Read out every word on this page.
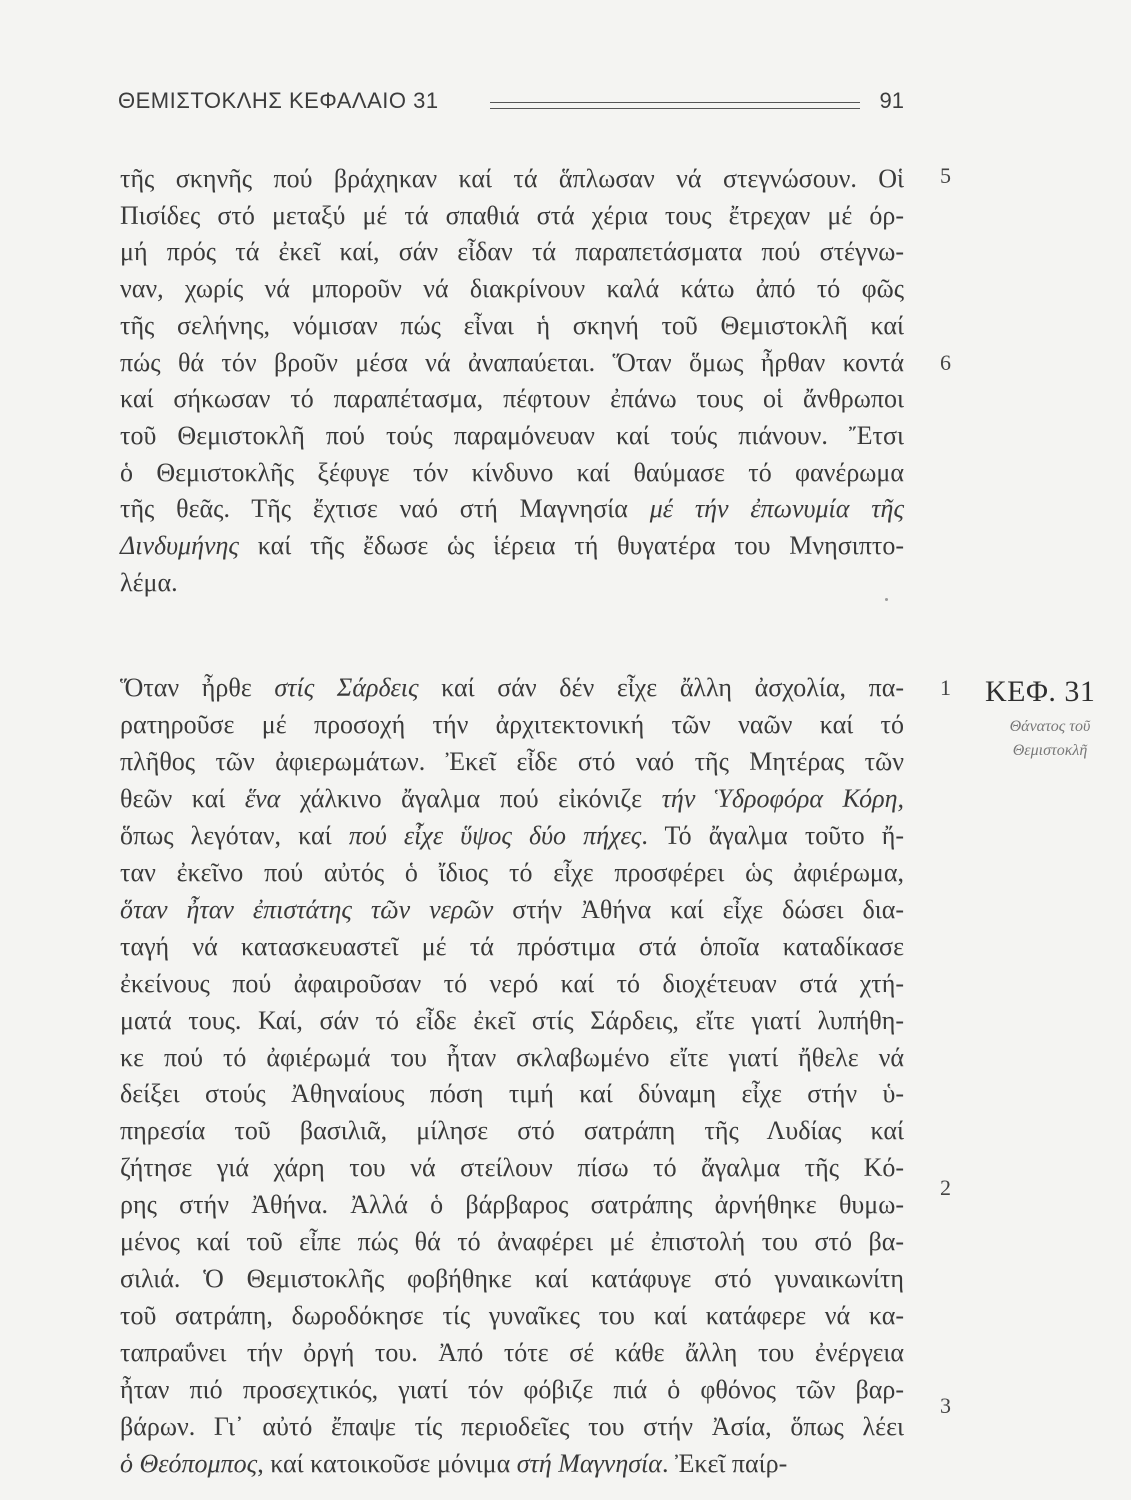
ΘΕΜΙΣΤΟΚΛΗΣ ΚΕΦΑΛΑΙΟ 31	91
τῆς σκηνῆς πού βράχηκαν καί τά ἅπλωσαν νά στεγνώσουν. Οἱ
Πισίδες στό μεταξύ μέ τά σπαθιά στά χέρια τους ἔτρεχαν μέ όρ-
μή πρός τά ἐκεῖ καί, σάν εἶδαν τά παραπετάσματα πού στέγνω-
ναν, χωρίς νά μποροῦν νά διακρίνουν καλά κάτω ἀπό τό φῶς
τῆς σελήνης, νόμισαν πώς εἶναι ἡ σκηνή τοῦ Θεμιστοκλῆ καί
πώς θά τόν βροῦν μέσα νά ἀναπαύεται. Ὅταν ὅμως ἦρθαν κοντά
καί σήκωσαν τό παραπέτασμα, πέφτουν ἐπάνω τους οἱ ἄνθρωποι
τοῦ Θεμιστοκλῆ πού τούς παραμόνευαν καί τούς πιάνουν. Ἔτσι
ὁ Θεμιστοκλῆς ξέφυγε τόν κίνδυνο καί θαύμασε τό φανέρωμα
τῆς θεᾶς. Τῆς ἔχτισε ναό στή Μαγνησία μέ τήν ἐπωνυμία τῆς
Δινδυμήνης καί τῆς ἔδωσε ὡς ἱέρεια τή θυγατέρα του Μνησιπτο-
λέμα.
Ὅταν ἦρθε στίς Σάρδεις καί σάν δέν εἶχε ἄλλη ἀσχολία, πα-
ρατηροῦσε μέ προσοχή τήν ἀρχιτεκτονική τῶν ναῶν καί τό
πλῆθος τῶν ἀφιερωμάτων. Ἐκεῖ εἶδε στό ναό τῆς Μητέρας τῶν
θεῶν καί ἕνα χάλκινο ἄγαλμα πού εἰκόνιζε τήν Ὑδροφόρα Κόρη,
ὅπως λεγόταν, καί πού εἶχε ὕψος δύο πήχες. Τό ἄγαλμα τοῦτο ἤ-
ταν ἐκεῖνο πού αὐτός ὁ ἴδιος τό εἶχε προσφέρει ὡς ἀφιέρωμα,
ὅταν ἦταν ἐπιστάτης τῶν νερῶν στήν Ἀθήνα καί εἶχε δώσει δια-
ταγή νά κατασκευαστεῖ μέ τά πρόστιμα στά ὁποῖα καταδίκασε
ἐκείνους πού ἀφαιροῦσαν τό νερό καί τό διοχέτευαν στά χτή-
ματά τους. Καί, σάν τό εἶδε ἐκεῖ στίς Σάρδεις, εἴτε γιατί λυπήθη-
κε πού τό ἀφιέρωμά του ἦταν σκλαβωμένο εἴτε γιατί ἤθελε νά
δείξει στούς Ἀθηναίους πόση τιμή καί δύναμη εἶχε στήν ὑ-
πηρεσία τοῦ βασιλιᾶ, μίλησε στό σατράπη τῆς Λυδίας καί
ζήτησε γιά χάρη του νά στείλουν πίσω τό ἄγαλμα τῆς Κό-
ρης στήν Ἀθήνα. Ἀλλά ὁ βάρβαρος σατράπης ἀρνήθηκε θυμω-
μένος καί τοῦ εἶπε πώς θά τό ἀναφέρει μέ ἐπιστολή του στό βα-
σιλιά. Ὁ Θεμιστοκλῆς φοβήθηκε καί κατάφυγε στό γυναικωνίτη
τοῦ σατράπη, δωροδόκησε τίς γυναῖκες του καί κατάφερε νά κα-
ταπραΰνει τήν ὀργή του. Ἀπό τότε σέ κάθε ἄλλη του ἐνέργεια
ἦταν πιό προσεχτικός, γιατί τόν φόβιζε πιά ὁ φθόνος τῶν βαρ-
βάρων. Γι᾽ αὐτό ἔπαψε τίς περιοδεῖες του στήν Ἀσία, ὅπως λέει
ὁ Θεόπομπος, καί κατοικοῦσε μόνιμα στή Μαγνησία. Ἐκεῖ παίρ-
5
6
1
2
3
ΚΕΦ. 31
Θάνατος τοῦ
Θεμιστοκλῆ
